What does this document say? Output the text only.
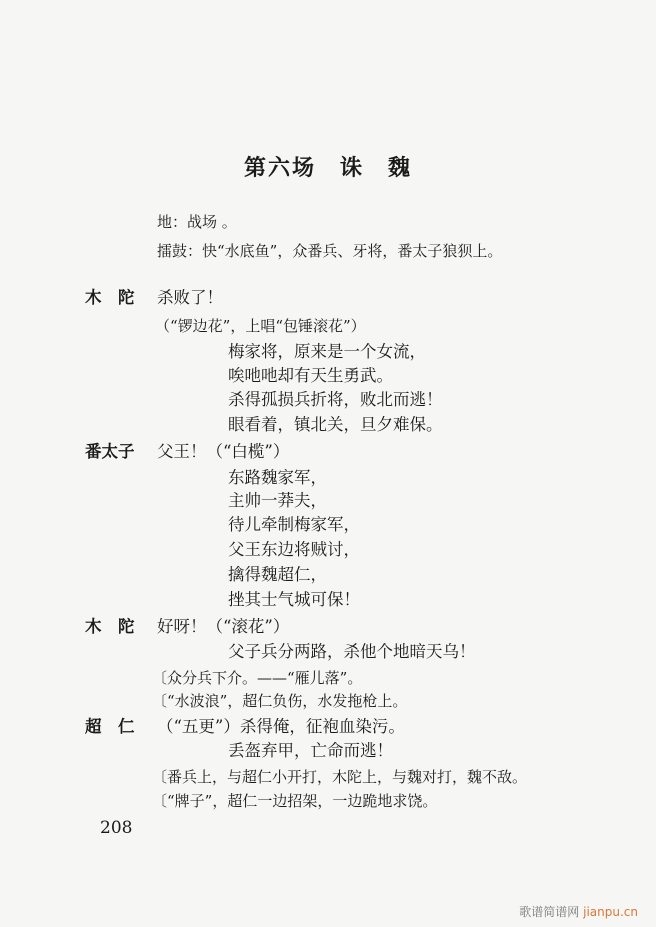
第六场　诛　魏
地：战场 。
擂鼓：快“水底鱼”，众番兵、牙将，番太子狼狈上。
木　陀 杀败了！
（“锣边花”，上唱“包锤滚花”）
梅家将，原来是一个女流，
唉吔吔却有天生勇武。
杀得孤损兵折将，败北而逃！
眼看着，镇北关，旦夕难保。
番太子 父王！（“白榄”）
东路魏家军，
主帅一莽夫，
待儿牵制梅家军，
父王东边将贼讨，
擒得魏超仁，
挫其士气城可保！
木　陀 好呀！（“滚花”）
父子兵分两路，杀他个地暗天乌！
〔众分兵下介。——“雁儿落”。
〔“水波浪”，超仁负伤，水发拖枪上。
超　仁 （“五更”）杀得俺，征袍血染污。
丢盔弃甲，亡命而逃！
〔番兵上，与超仁小开打，木陀上，与魏对打，魏不敌。
〔“牌子”，超仁一边招架，一边跪地求饶。
208
歌谱简谱网 jianpu.cn
